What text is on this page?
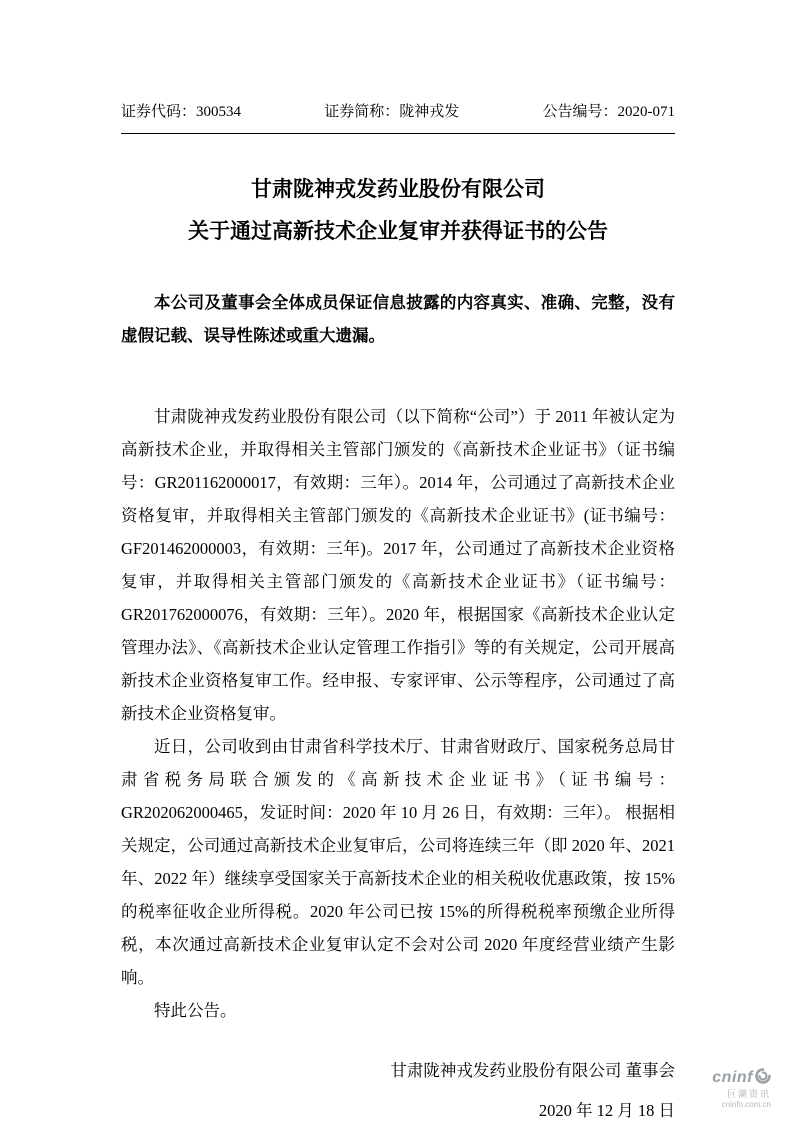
证券代码：300534	证券简称：陇神戎发	公告编号：2020-071
甘肃陇神戎发药业股份有限公司
关于通过高新技术企业复审并获得证书的公告

本公司及董事会全体成员保证信息披露的内容真实、准确、完整，没有虚假记载、误导性陈述或重大遗漏。

甘肃陇神戎发药业股份有限公司（以下简称“公司”）于 2011 年被认定为高新技术企业，并取得相关主管部门颁发的《高新技术企业证书》（证书编号：GR201162000017，有效期：三年）。2014 年，公司通过了高新技术企业资格复审，并取得相关主管部门颁发的《高新技术企业证书》(证书编号：GF201462000003，有效期：三年)。2017 年，公司通过了高新技术企业资格复审，并取得相关主管部门颁发的《高新技术企业证书》（证书编号：GR201762000076，有效期：三年）。2020 年，根据国家《高新技术企业认定管理办法》、《高新技术企业认定管理工作指引》等的有关规定，公司开展高新技术企业资格复审工作。经申报、专家评审、公示等程序，公司通过了高新技术企业资格复审。

近日，公司收到由甘肃省科学技术厅、甘肃省财政厅、国家税务总局甘肃省税务局联合颁发的《高新技术企业证书》（证书编号：GR202062000465，发证时间：2020 年 10 月 26 日，有效期：三年）。 根据相关规定，公司通过高新技术企业复审后，公司将连续三年（即 2020 年、2021 年、2022 年）继续享受国家关于高新技术企业的相关税收优惠政策，按 15%的税率征收企业所得税。2020 年公司已按 15%的所得税税率预缴企业所得税，本次通过高新技术企业复审认定不会对公司 2020 年度经营业绩产生影响。

特此公告。

甘肃陇神戎发药业股份有限公司 董事会
2020 年 12 月 18 日
cninf
巨潮资讯
cninfo.com.cn
